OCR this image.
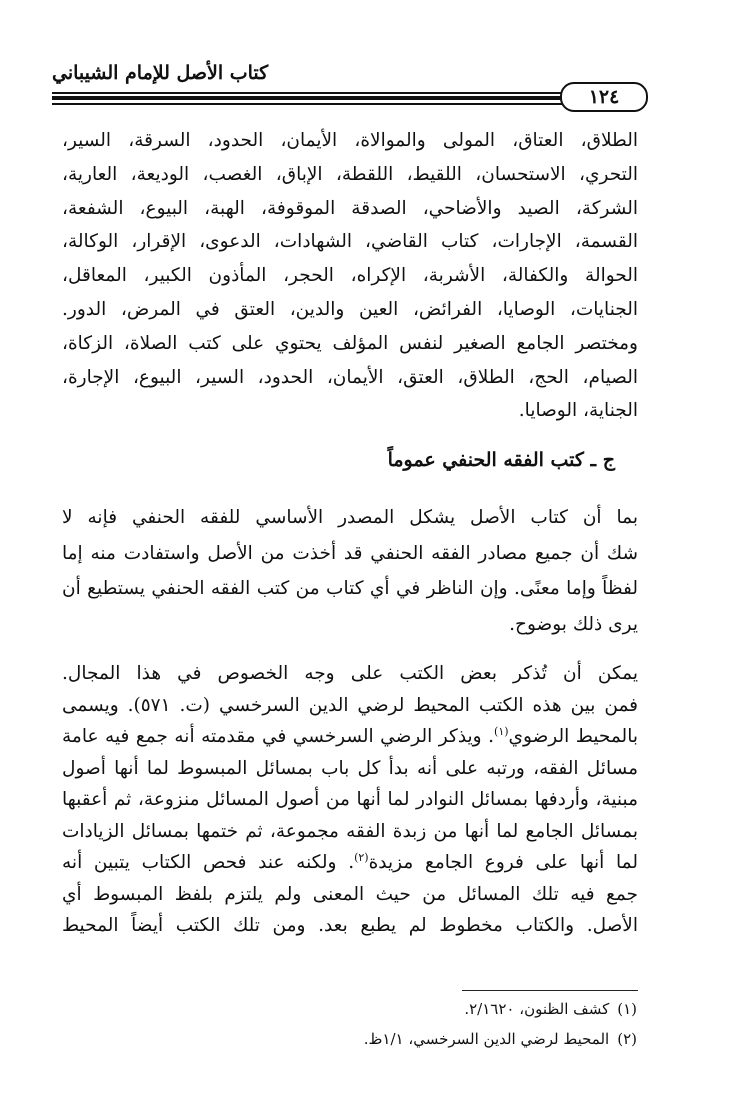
كتاب الأصل للإمام الشيباني
١٢٤
الطلاق، العتاق، المولى والموالاة، الأيمان، الحدود، السرقة، السير،
التحري، الاستحسان، اللقيط، اللقطة، الإباق، الغصب، الوديعة، العارية،
الشركة، الصيد والأضاحي، الصدقة الموقوفة، الهبة، البيوع، الشفعة،
القسمة، الإجارات، كتاب القاضي، الشهادات، الدعوى، الإقرار، الوكالة،
الحوالة والكفالة، الأشربة، الإكراه، الحجر، المأذون الكبير، المعاقل،
الجنايات، الوصايا، الفرائض، العين والدين، العتق في المرض، الدور.
ومختصر الجامع الصغير لنفس المؤلف يحتوي على كتب الصلاة، الزكاة،
الصيام، الحج، الطلاق، العتق، الأيمان، الحدود، السير، البيوع، الإجارة،
الجناية، الوصايا.
ج ـ كتب الفقه الحنفي عموماً
بما أن كتاب الأصل يشكل المصدر الأساسي للفقه الحنفي فإنه لا
شك أن جميع مصادر الفقه الحنفي قد أخذت من الأصل واستفادت منه إما
لفظاً وإما معنًى. وإن الناظر في أي كتاب من كتب الفقه الحنفي يستطيع أن
يرى ذلك بوضوح.
يمكن أن تُذكر بعض الكتب على وجه الخصوص في هذا المجال.
فمن بين هذه الكتب المحيط لرضي الدين السرخسي (ت. ٥٧١). ويسمى
بالمحيط الرضوي$^{(١)}$. ويذكر الرضي السرخسي في مقدمته أنه جمع فيه عامة
مسائل الفقه، ورتبه على أنه بدأ كل باب بمسائل المبسوط لما أنها أصول
مبنية، وأردفها بمسائل النوادر لما أنها من أصول المسائل منزوعة، ثم أعقبها
بمسائل الجامع لما أنها من زبدة الفقه مجموعة، ثم ختمها بمسائل الزيادات
لما أنها على فروع الجامع مزيدة$^{(٢)}$. ولكنه عند فحص الكتاب يتبين أنه
جمع فيه تلك المسائل من حيث المعنى ولم يلتزم بلفظ المبسوط أي
الأصل. والكتاب مخطوط لم يطبع بعد. ومن تلك الكتب أيضاً المحيط
(١)كشف الظنون، ٢/١٦٢٠.
(٢)المحيط لرضي الدين السرخسي، ١/١ظ.
